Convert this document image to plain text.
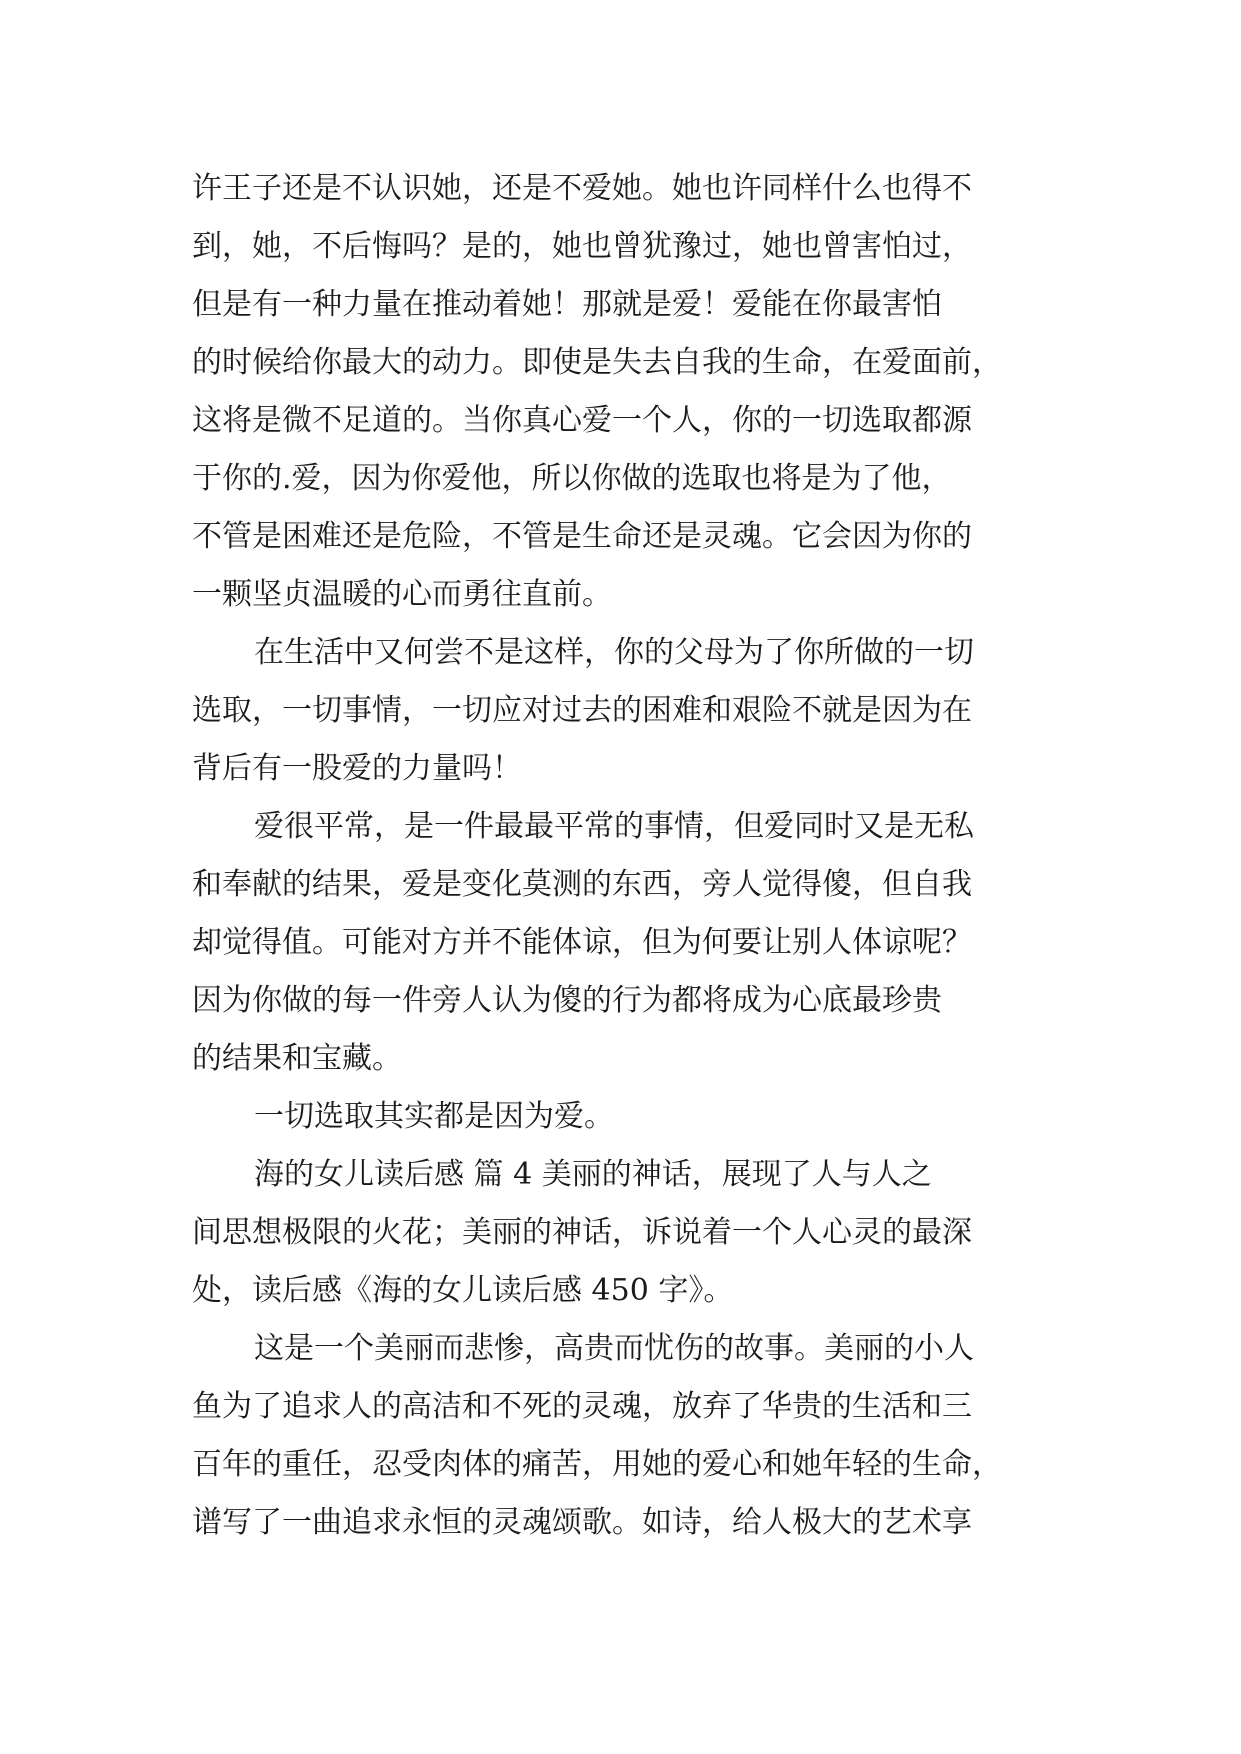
许王子还是不认识她，还是不爱她。她也许同样什么也得不
到，她，不后悔吗？是的，她也曾犹豫过，她也曾害怕过，
但是有一种力量在推动着她！那就是爱！爱能在你最害怕
的时候给你最大的动力。即使是失去自我的生命，在爱面前，
这将是微不足道的。当你真心爱一个人，你的一切选取都源
于你的.爱，因为你爱他，所以你做的选取也将是为了他，
不管是困难还是危险，不管是生命还是灵魂。它会因为你的
一颗坚贞温暖的心而勇往直前。
在生活中又何尝不是这样，你的父母为了你所做的一切
选取，一切事情，一切应对过去的困难和艰险不就是因为在
背后有一股爱的力量吗！
爱很平常，是一件最最平常的事情，但爱同时又是无私
和奉献的结果，爱是变化莫测的东西，旁人觉得傻，但自我
却觉得值。可能对方并不能体谅，但为何要让别人体谅呢？
因为你做的每一件旁人认为傻的行为都将成为心底最珍贵
的结果和宝藏。
一切选取其实都是因为爱。
海的女儿读后感 篇 4 美丽的神话，展现了人与人之
间思想极限的火花；美丽的神话，诉说着一个人心灵的最深
处，读后感《海的女儿读后感 450 字》。
这是一个美丽而悲惨，高贵而忧伤的故事。美丽的小人
鱼为了追求人的高洁和不死的灵魂，放弃了华贵的生活和三
百年的重任，忍受肉体的痛苦，用她的爱心和她年轻的生命，
谱写了一曲追求永恒的灵魂颂歌。如诗，给人极大的艺术享
